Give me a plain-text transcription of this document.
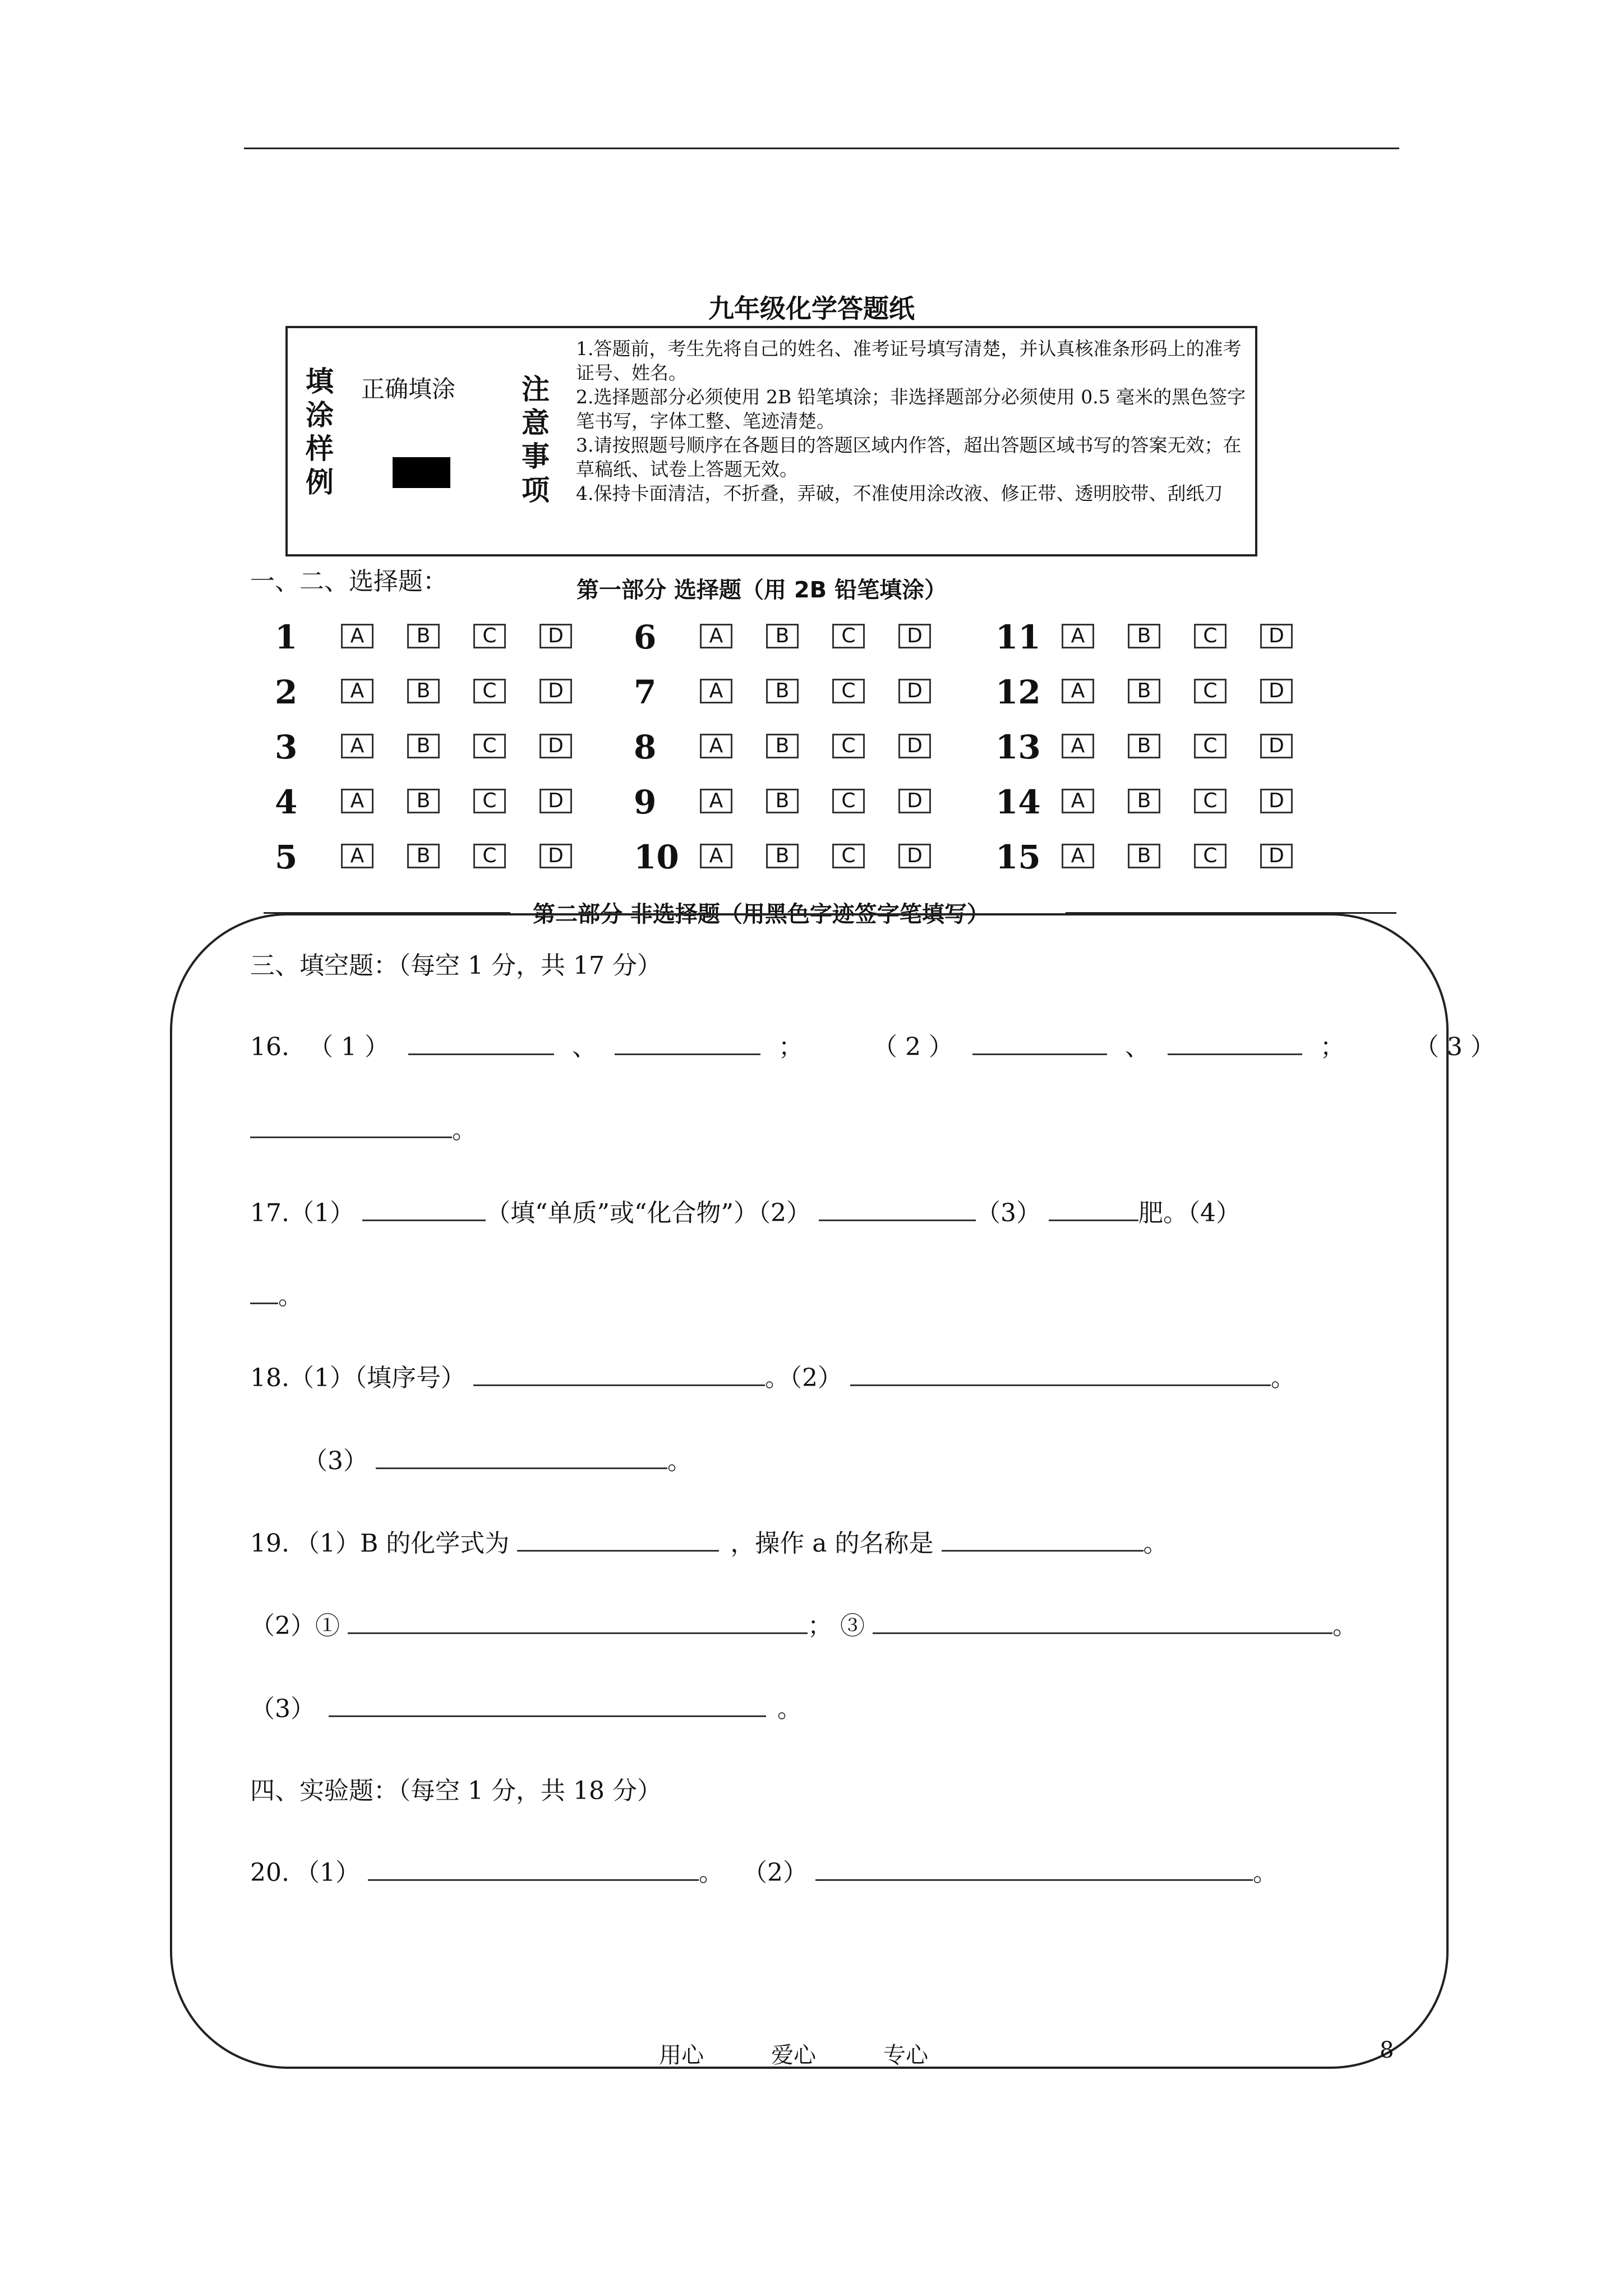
九年级化学答题纸
填
涂
样
例
正确填涂 注
意
事
项
1.答题前，考生先将自己的姓名、准考证号填写清楚，并认真核准条形码上的准考证号、姓名。
2.选择题部分必须使用 2B 铅笔填涂；非选择题部分必须使用 0.5 毫米的黑色签字笔书写，字体工整、笔迹清楚。
3.请按照题号顺序在各题目的答题区域内作答，超出答题区域书写的答案无效；在草稿纸、试卷上答题无效。
4.保持卡面清洁，不折叠，弄破，不准使用涂改液、修正带、透明胶带、刮纸刀
一、二、选择题：	第一部分 选择题（用 2B 铅笔填涂）
1	A	B	C	D
2	A	B	C	D
3	A	B	C	D
4	A	B	C	D
5	A	B	C	D
6	A	B	C	D
7	A	B	C	D
8	A	B	C	D
9	A	B	C	D
10	A	B	C	D
11	A	B	C	D
12	A	B	C	D
13	A	B	C	D
14	A	B	C	D
15	A	B	C	D
第二部分 非选择题（用黑色字迹签字笔填写）
三、填空题：（每空 1 分，共 17 分）
16. （ 1 ）	、	；	（ 2 ）	、	；	（ 3 ）
。
17.（1）	（填“单质”或“化合物”）（2）	（3）	肥。（4）
。
18.（1）（填序号）	。（2）	。
（3）	。
19. （1）B 的化学式为	，操作 a 的名称是	。
（2）①	； ③	。
（3）	。
四、实验题：（每空 1 分，共 18 分）
20. （1）	。 （2）	。
用心	爱心	专心	8
